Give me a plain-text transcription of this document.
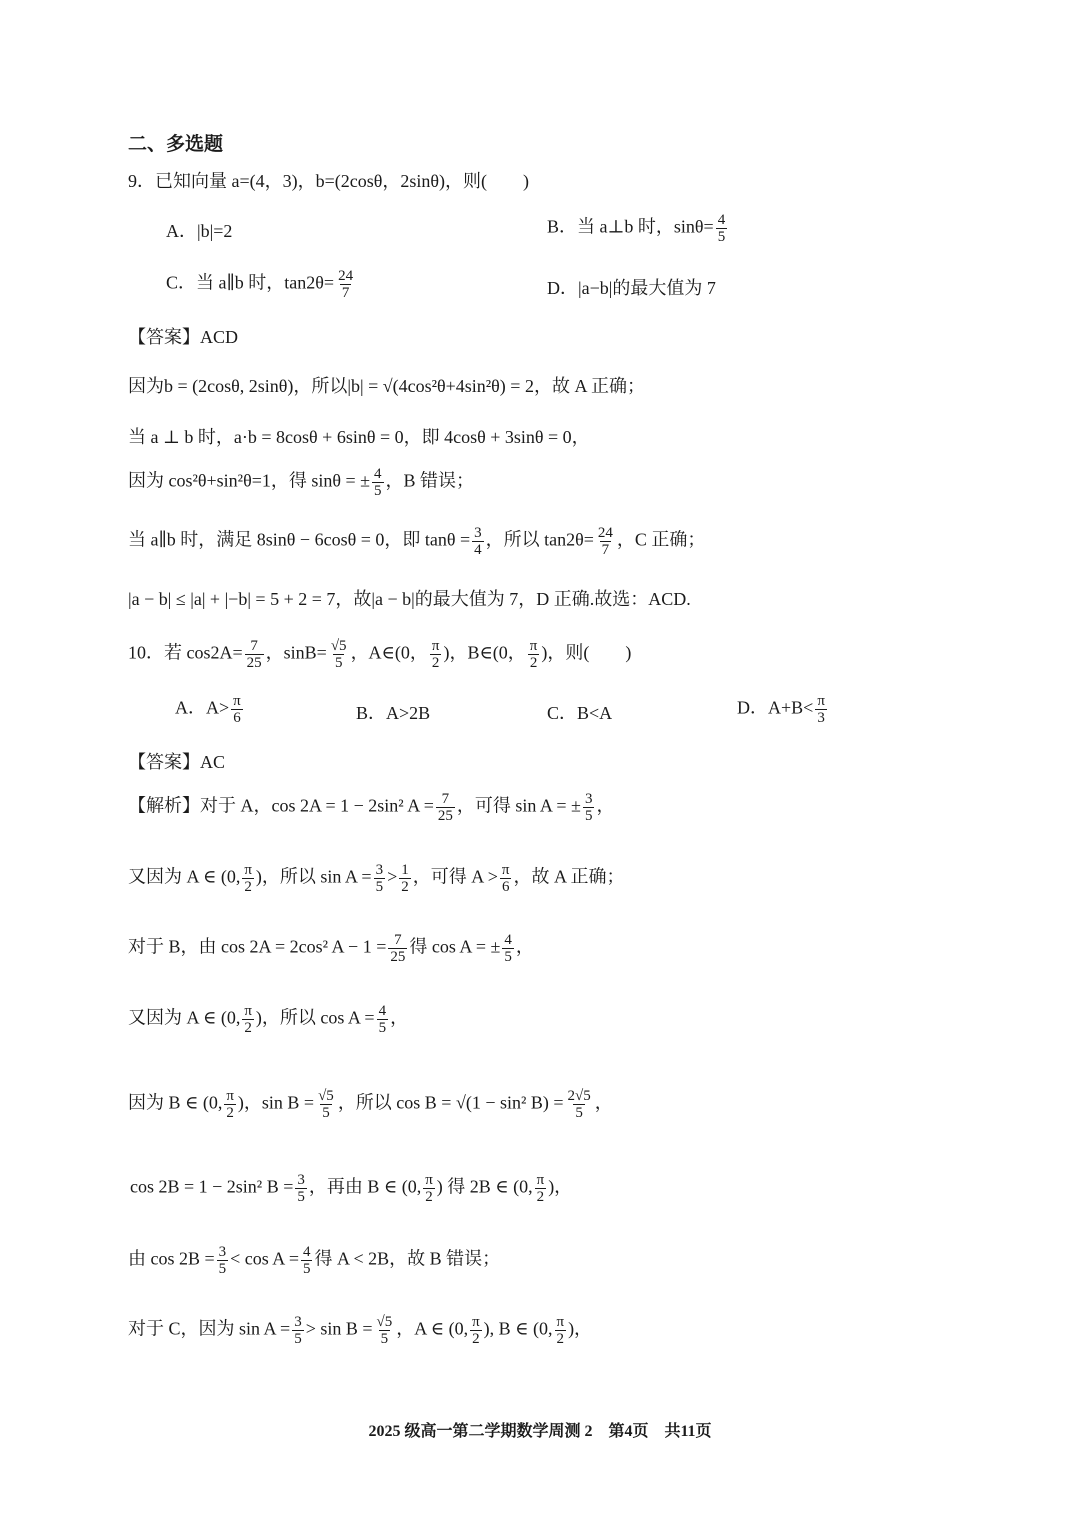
二、多选题
9．已知向量 a=(4，3)，b=(2cosθ，2sinθ)，则(　　)
A．|b|=2	B．当 a⊥b 时，$\sin\theta= \frac{4}{5}$
C．当 a∥b 时，$\tan 2\theta= \frac{24}{7}$	D．|a−b|的最大值为 7
【答案】ACD
因为b = (2cosθ, 2sinθ)，所以|b| = √(4cos²θ+4sin²θ) = 2，故 A 正确；
当 a ⊥ b 时，a·b = 8cosθ + 6sinθ = 0，即 4cosθ + 3sinθ = 0，
因为 cos²θ+sin²θ=1，得 sinθ = ± $\frac{4}{5}$ ，B 错误；
当 a∥b 时，满足 8sinθ − 6cosθ = 0，即 $\tan\theta = \frac{3}{4}$ ，所以 $\tan 2\theta= \frac{24}{7}$ ，C 正确；
|a − b| ≤ |a| + |−b| = 5 + 2 = 7，故|a − b|的最大值为 7，D 正确.故选：ACD.
10．若 $\cos 2A= \frac{7}{25}$ ，$\sin B= \frac{√5}{5}$ ，A∈(0， $\frac{\pi}{2}$ )，B∈(0， $\frac{\pi}{2}$ )，则(　　)
A．$A> \frac{\pi}{6}$	B．A>2B	C．B<A	D．$A+B< \frac{\pi}{3}$
【答案】AC
【解析】对于 A，cos 2A = 1 − 2sin² $A = \frac{7}{25}$ ，可得 sin A = ± $\frac{3}{5}$ ，
又因为 A ∈ (0, $\frac{\pi}{2}$ )，所以 $\sin A = \frac{3}{5} > \frac{1}{2}$ ，可得 $A > \frac{\pi}{6}$ ，故 A 正确；
对于 B，由 cos 2A = 2cos² $A - 1 = \frac{7}{25}$ 得 cos A = ± $\frac{4}{5}$ ，
又因为 A ∈ (0, $\frac{\pi}{2}$ )，所以 $\cos A = \frac{4}{5}$ ，
因为 B ∈ (0, $\frac{\pi}{2}$ )，$\sin B = \frac{√5}{5}$ ，所以 cos B = √(1 − sin² $B) = \frac{2√5}{5}$ ，
cos 2B = 1 − 2sin² $B = \frac{3}{5}$ ，再由 B ∈ (0, $\frac{\pi}{2}$ ) 得 2B ∈ (0, $\frac{\pi}{2}$ )，
由 $\cos 2B = \frac{3}{5} < \cos A = \frac{4}{5}$ 得 A < 2B，故 B 错误；
对于 C，因为 $\sin A = \frac{3}{5} > \sin B = \frac{√5}{5}$ ，A ∈ (0, $\frac{\pi}{2}$ ), B ∈ (0, $\frac{\pi}{2}$ )，
2025 级高一第二学期数学周测 2　第4页　共11页
